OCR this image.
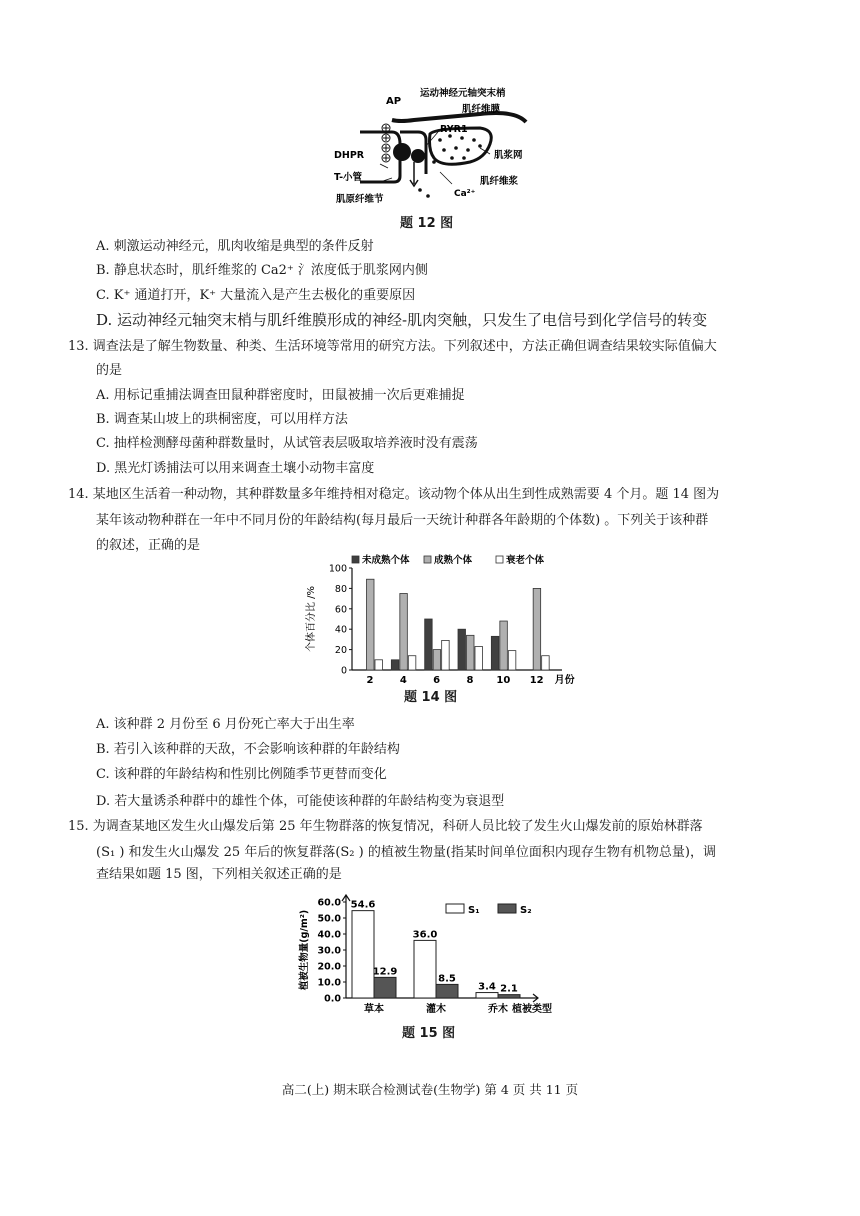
AP
运动神经元轴突末梢
肌纤维膜
RYR1
DHPR	肌浆网
T-小管	肌纤维浆
Ca²⁺
肌原纤维节
题 12 图
A. 刺激运动神经元，肌肉收缩是典型的条件反射
B. 静息状态时，肌纤维浆的 Ca2⁺ 氵浓度低于肌浆网内侧
C. K⁺ 通道打开，K⁺ 大量流入是产生去极化的重要原因
D. 运动神经元轴突末梢与肌纤维膜形成的神经-肌肉突触，只发生了电信号到化学信号的转变
13. 调查法是了解生物数量、种类、生活环境等常用的研究方法。下列叙述中，方法正确但调查结果较实际值偏大
的是
A. 用标记重捕法调查田鼠种群密度时，田鼠被捕一次后更难捕捉
B. 调查某山坡上的珙桐密度，可以用样方法
C. 抽样检测酵母菌种群数量时，从试管表层吸取培养液时没有震荡
D. 黑光灯诱捕法可以用来调查土壤小动物丰富度
14. 某地区生活着一种动物，其种群数量多年维持相对稳定。该动物个体从出生到性成熟需要 4 个月。题 14 图为
某年该动物种群在一年中不同月份的年龄结构(每月最后一天统计种群各年龄期的个体数) 。下列关于该种群
的叙述，正确的是
0
20
40
60
80
100
个体百分比 /%
2	4	6	8 10 12 月份
未成熟个体	成熟个体	衰老个体
题 14 图
A. 该种群 2 月份至 6 月份死亡率大于出生率
B. 若引入该种群的天敌，不会影响该种群的年龄结构
C. 该种群的年龄结构和性别比例随季节更替而变化
D. 若大量诱杀种群中的雄性个体，可能使该种群的年龄结构变为衰退型
15. 为调查某地区发生火山爆发后第 25 年生物群落的恢复情况，科研人员比较了发生火山爆发前的原始林群落
(S₁ ) 和发生火山爆发 25 年后的恢复群落(S₂ ) 的植被生物量(指某时间单位面积内现存生物有机物总量)，调
查结果如题 15 图，下列相关叙述正确的是
0.0
10.0
20.0
30.0
40.0
50.0
60.0
植被生物量(g/m²)
54.6
12.9
草本
36.0
8.5
灌木
3.4 2.1
乔木 植被类型
S₁	S₂
题 15 图
高二(上) 期末联合检测试卷(生物学) 第 4 页 共 11 页
